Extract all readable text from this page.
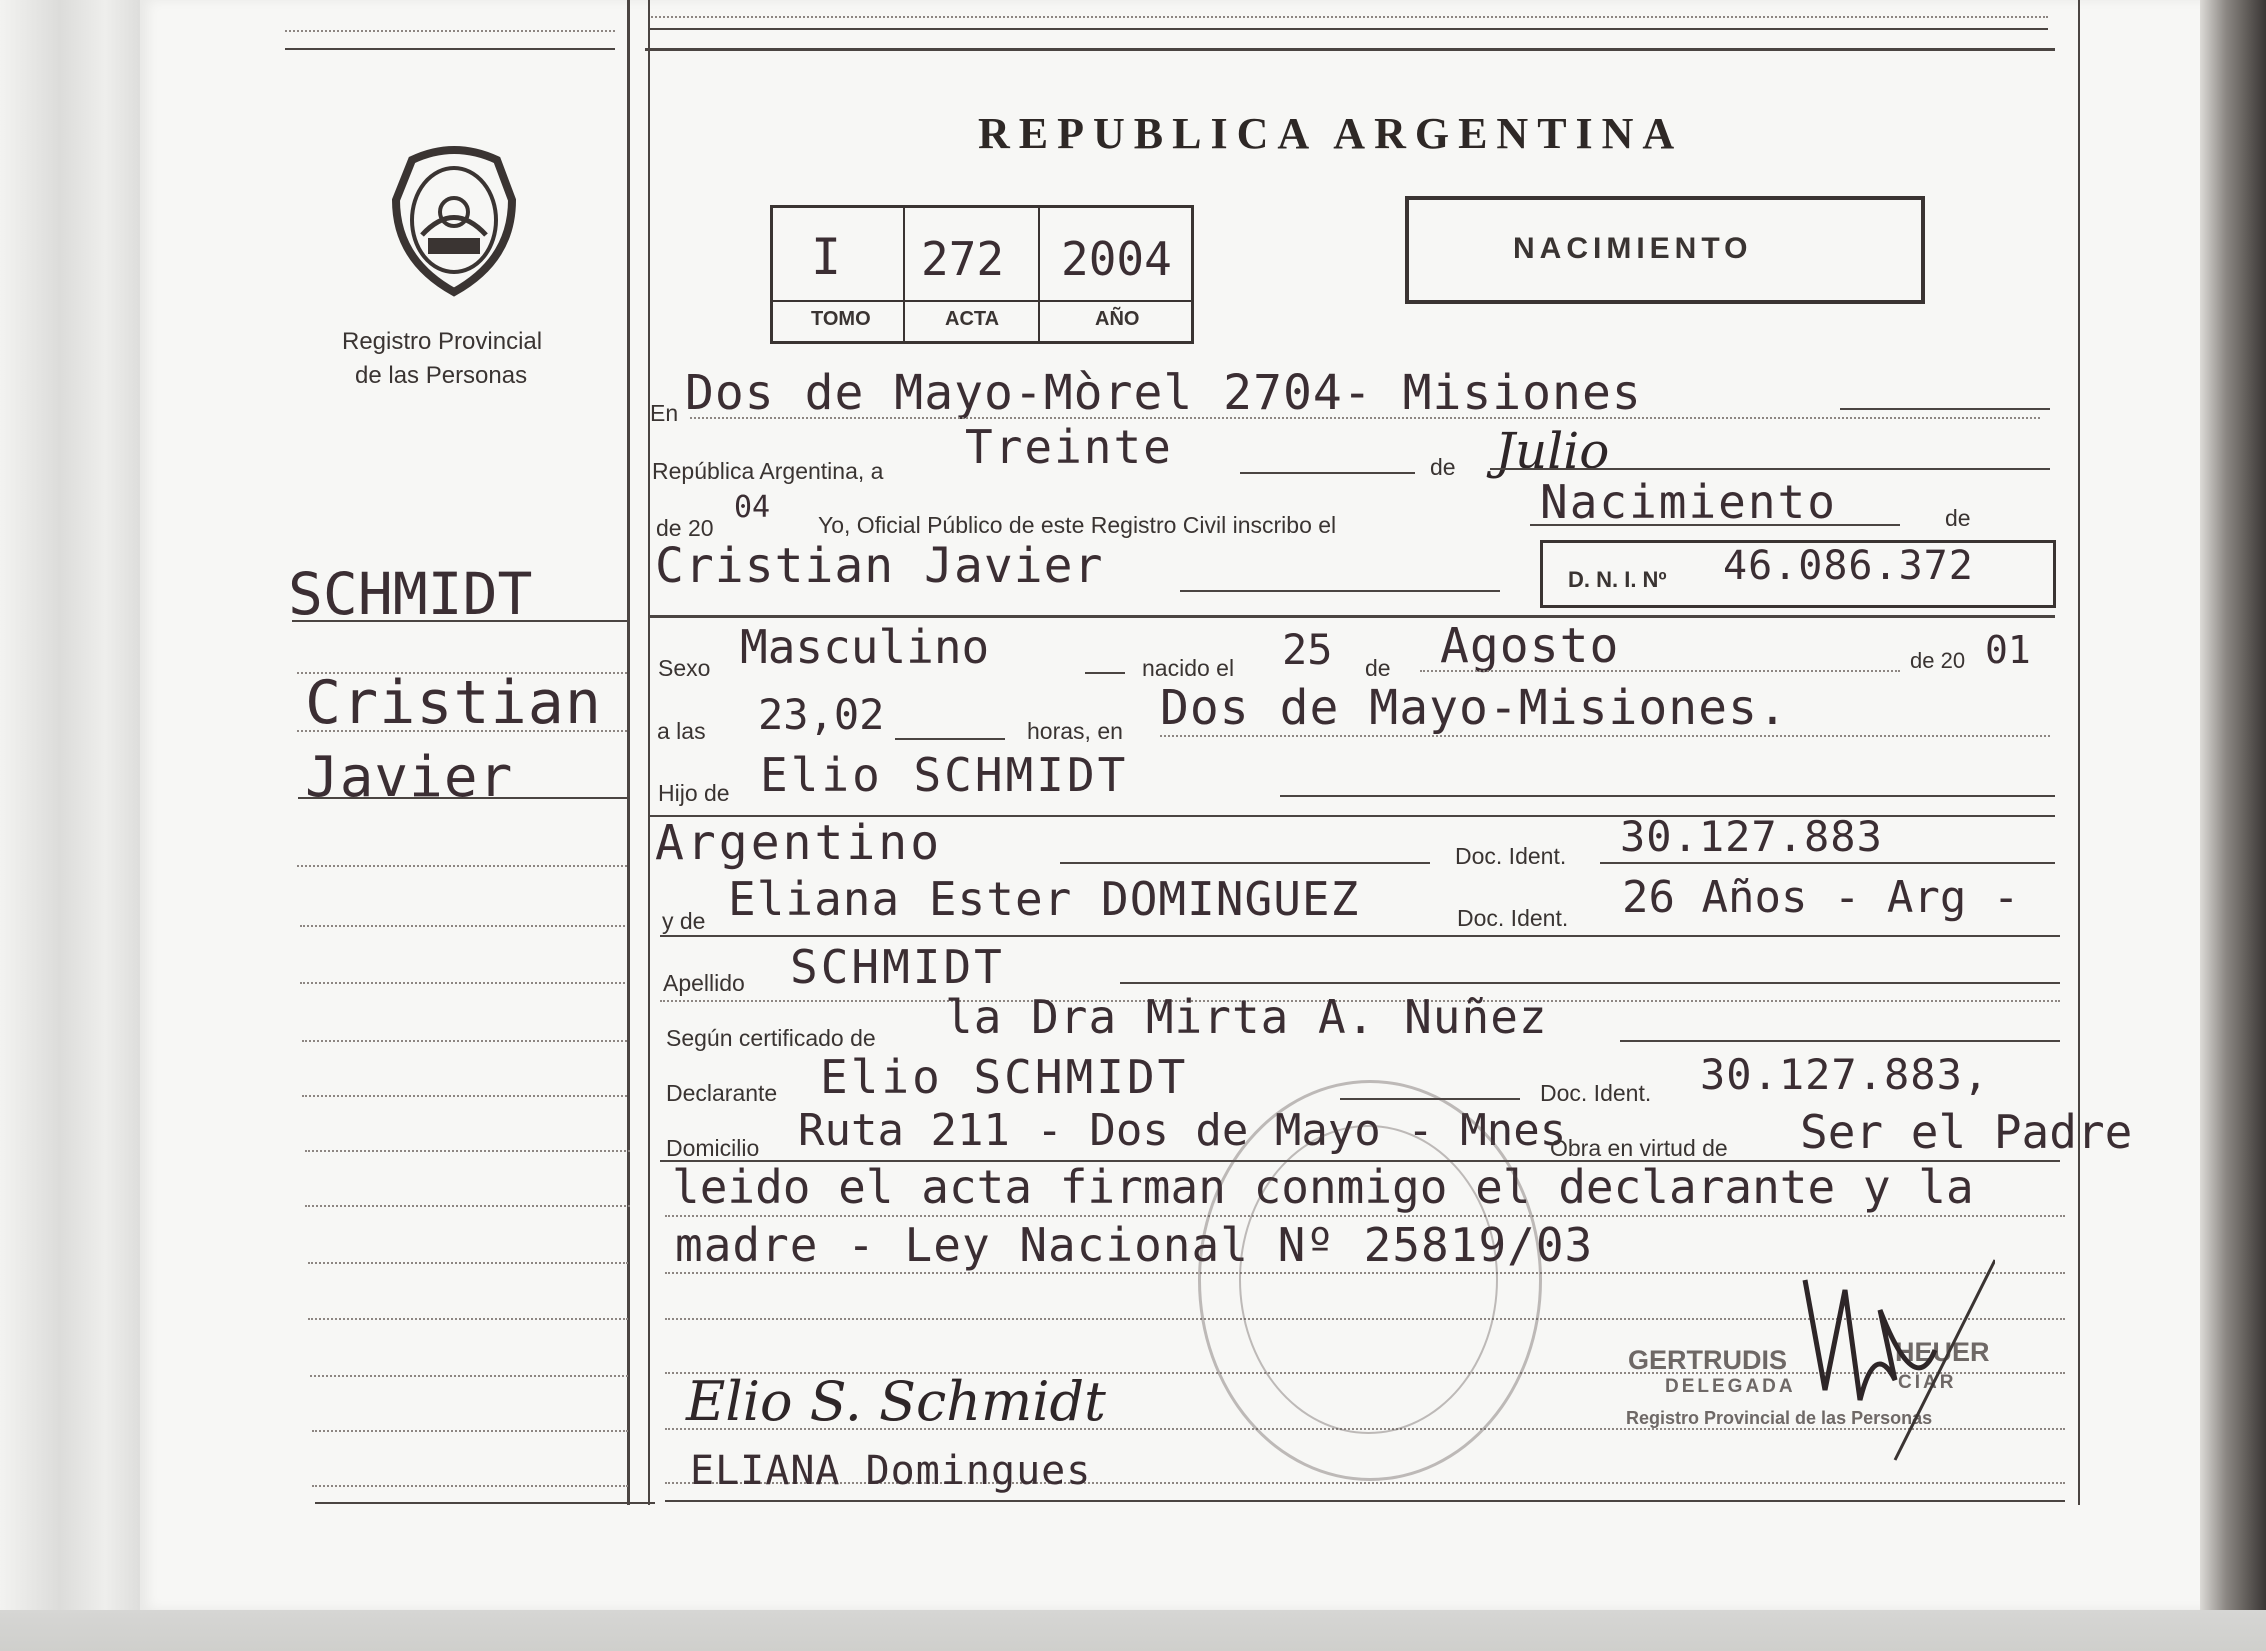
Registro Provincial
de las Personas
REPUBLICA ARGENTINA
I 272 2004
TOMO	ACTA	AÑO
NACIMIENTO
SCHMIDT
Cristian
Javier
En Dos de Mayo-Mòrel 2704- Misiones
República Argentina, a Treinte	de Julio
de 20
04 Yo, Oficial Público de este Registro Civil inscribo el	Nacimiento	de
Cristian Javier	D. N. I. Nº 46.086.372
Sexo Masculino	nacido el 25 de Agosto	de 20 01
a las 23,02	horas, en Dos de Mayo-Misiones.
Hijo de Elio SCHMIDT
Argentino	Doc. Ident. 30.127.883
y de Eliana Ester DOMINGUEZ	Doc. Ident. 26 Años - Arg -
Apellido SCHMIDT
Según certificado de la Dra Mirta A. Nuñez
Declarante Elio SCHMIDT	Doc. Ident. 30.127.883,
Domicilio Ruta 211 - Dos de Mayo - Mnes
Obra en virtud de Ser el Padre
leido el acta firman conmigo el declarante y la
madre - Ley Nacional Nº 25819/03
Elio S. Schmidt
ELIANA Domingues
GERTRUDIS	HEUER
DELEGADA	CIAR
Registro Provincial de las Personas
